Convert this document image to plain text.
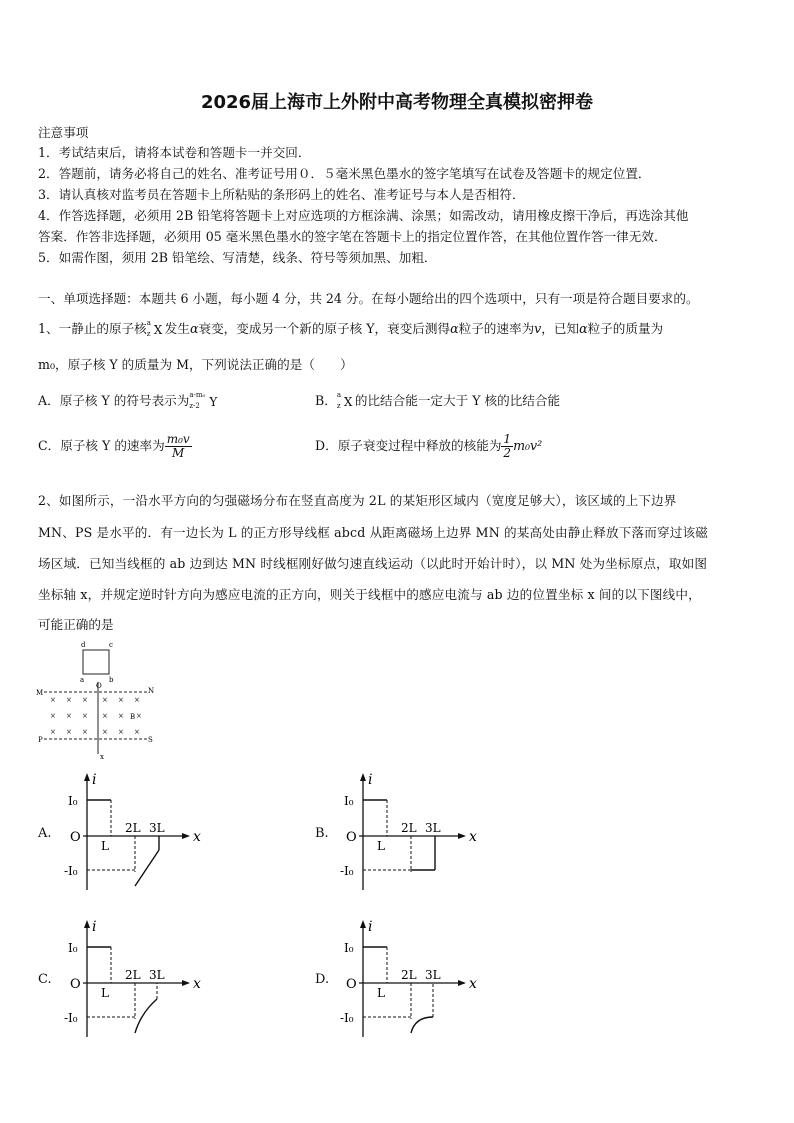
2026届上海市上外附中高考物理全真模拟密押卷
注意事项
1．考试结束后，请将本试卷和答题卡一并交回．
2．答题前，请务必将自己的姓名、准考证号用０．５毫米黑色墨水的签字笔填写在试卷及答题卡的规定位置．
3．请认真核对监考员在答题卡上所粘贴的条形码上的姓名、准考证号与本人是否相符．
4．作答选择题，必须用 2B 铅笔将答题卡上对应选项的方框涂满、涂黑；如需改动，请用橡皮擦干净后，再选涂其他
答案．作答非选择题，必须用 05 毫米黑色墨水的签字笔在答题卡上的指定位置作答，在其他位置作答一律无效．
5．如需作图，须用 2B 铅笔绘、写清楚，线条、符号等须加黑、加粗．
一、单项选择题：本题共 6 小题，每小题 4 分，共 24 分。在每小题给出的四个选项中，只有一项是符合题目要求的。
1、一静止的原子核 a
z X 发生α衰变，变成另一个新的原子核 Y，衰变后测得α粒子的速率为v，已知α粒子的质量为
m₀，原子核 Y 的质量为 M，下列说法正确的是（　　）
A．原子核 Y 的符号表示为 a-m₀
z-2 Y	B． a
z X 的比结合能一定大于 Y 核的比结合能
C．原子核 Y 的速率为 $\frac{\text{m₀v}}{M}$	D．原子衰变过程中释放的核能为 $\frac{1}{2} m_0v^2$
2、如图所示，一沿水平方向的匀强磁场分布在竖直高度为 2L 的某矩形区域内（宽度足够大），该区域的上下边界
MN、PS 是水平的．有一边长为 L 的正方形导线框 abcd 从距离磁场上边界 MN 的某高处由静止释放下落而穿过该磁
场区域．已知当线框的 ab 边到达 MN 时线框刚好做匀速直线运动（以此时开始计时），以 MN 处为坐标原点，取如图
坐标轴 x，并规定逆时针方向为感应电流的正方向，则关于线框中的感应电流与 ab 边的位置坐标 x 间的以下图线中，
可能正确的是
d	c
a	b
O
M	N
P	S
B
x
× × × × × ×
× × × × × ×
× × × × × ×
A.	B.
C.	D.
i
x
I₀
O
-I₀
L
2L 3L
i
x
I₀
O
-I₀
L
2L 3L
i
x
I₀
O
-I₀
L
2L 3L
i
x
I₀
O
-I₀
L
2L 3L
